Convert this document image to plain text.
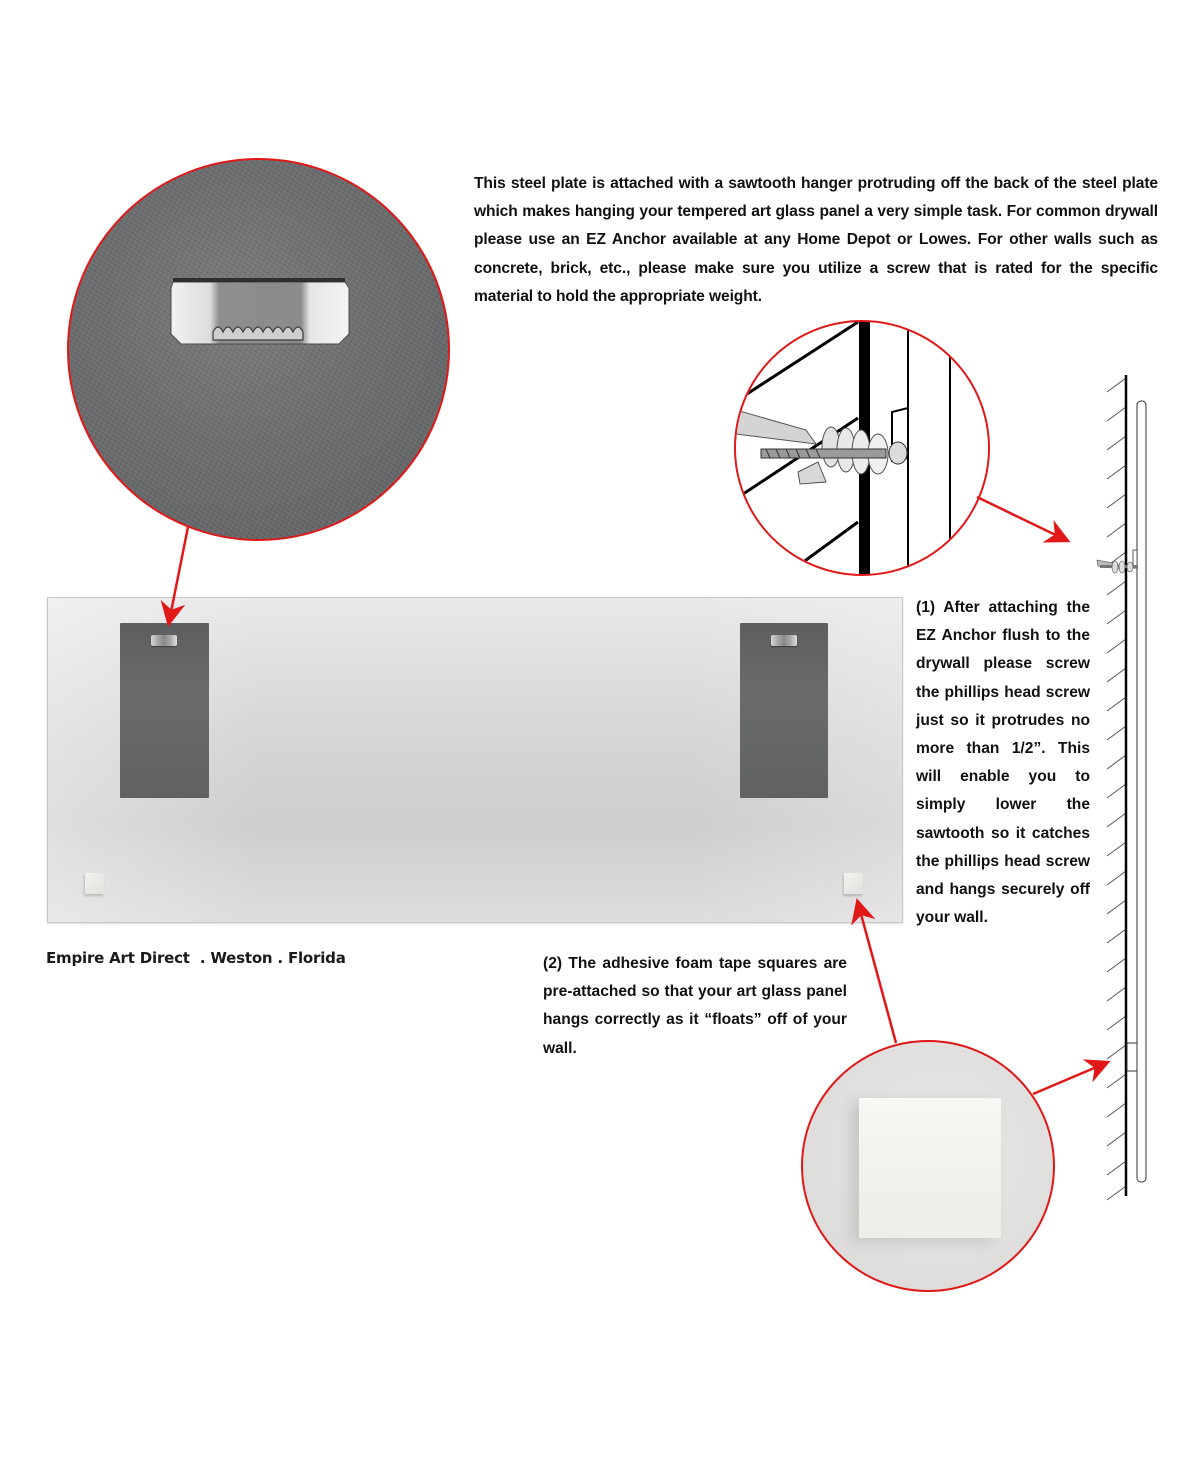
This steel plate is attached with a sawtooth hanger protruding off the back of the steel plate which makes hanging your tempered art glass panel a very simple task. For common drywall please use an EZ Anchor available at any Home Depot or Lowes. For other walls such as concrete, brick, etc., please make sure you utilize a screw that is rated for the specific material to hold the appropriate weight.

Empire Art Direct  . Weston . Florida

(1) After attaching the EZ Anchor flush to the drywall please screw the phillips head screw just so it protrudes no more than 1/2”. This will enable you to simply lower the sawtooth so it catches the phillips head screw and hangs securely off your wall.

(2) The adhesive foam tape squares are pre-attached so that your art glass panel hangs correctly as it “floats” off of your wall.
